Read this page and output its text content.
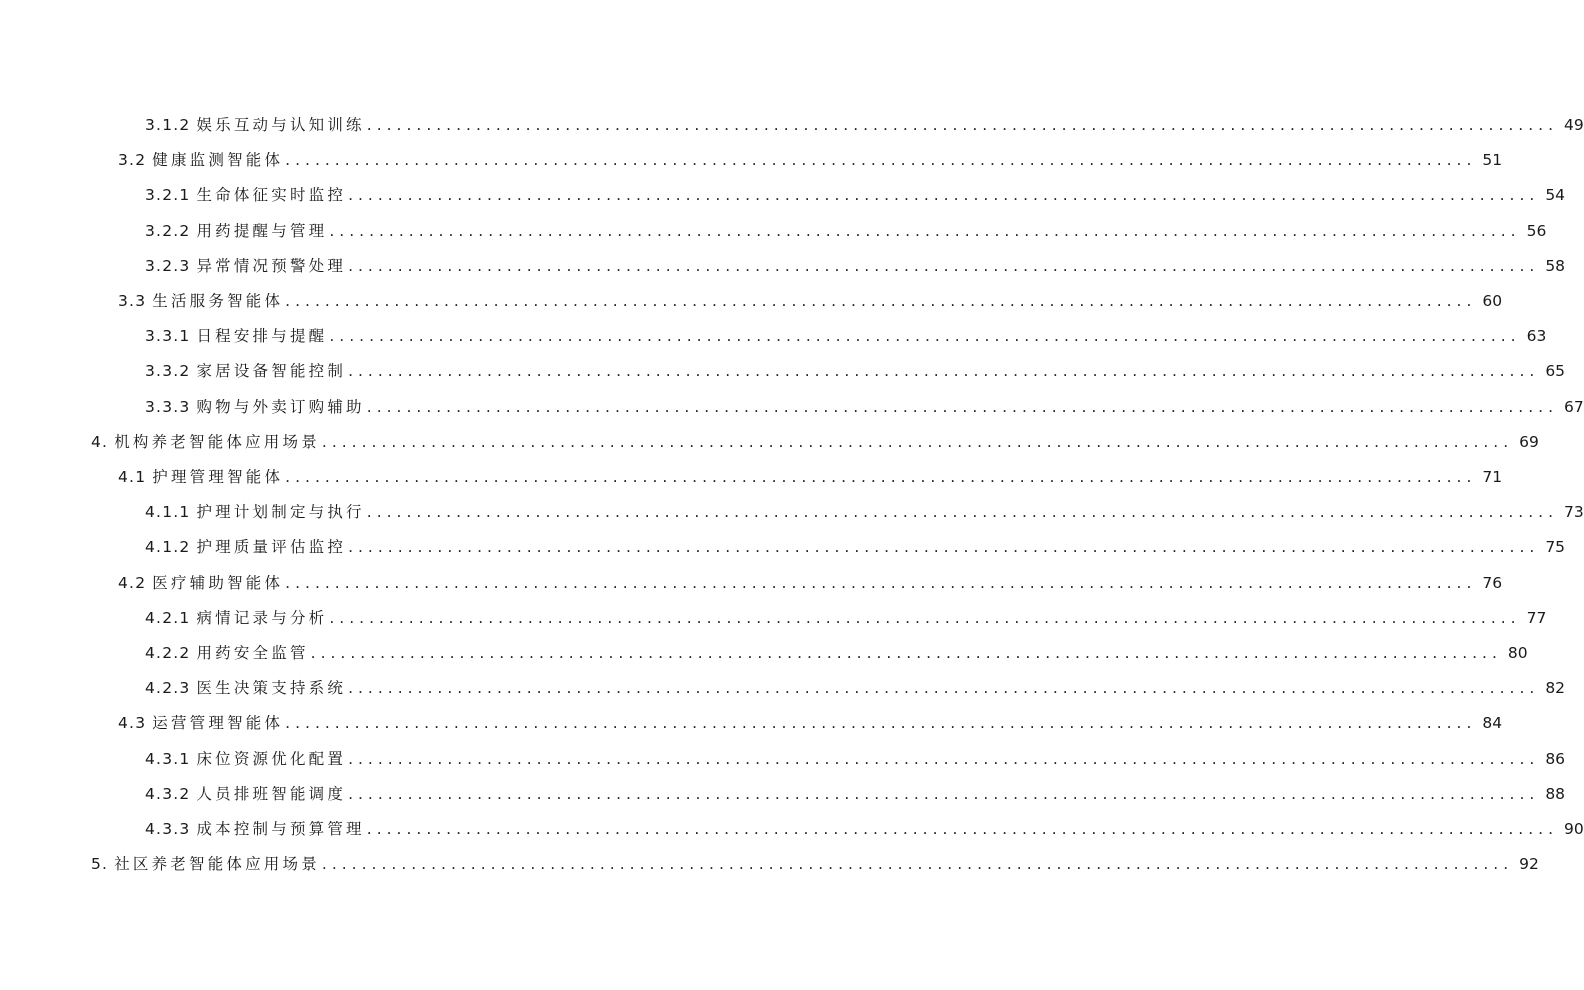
3.1.2 娱乐互动与认知训练 ........................................................................................................................ 49
3.2 健康监测智能体 ........................................................................................................................ 51
3.2.1 生命体征实时监控 ........................................................................................................................ 54
3.2.2 用药提醒与管理 ........................................................................................................................ 56
3.2.3 异常情况预警处理 ........................................................................................................................ 58
3.3 生活服务智能体 ........................................................................................................................ 60
3.3.1 日程安排与提醒 ........................................................................................................................ 63
3.3.2 家居设备智能控制 ........................................................................................................................ 65
3.3.3 购物与外卖订购辅助 ........................................................................................................................ 67
4. 机构养老智能体应用场景 ........................................................................................................................ 69
4.1 护理管理智能体 ........................................................................................................................ 71
4.1.1 护理计划制定与执行 ........................................................................................................................ 73
4.1.2 护理质量评估监控 ........................................................................................................................ 75
4.2 医疗辅助智能体 ........................................................................................................................ 76
4.2.1 病情记录与分析 ........................................................................................................................ 77
4.2.2 用药安全监管 ........................................................................................................................ 80
4.2.3 医生决策支持系统 ........................................................................................................................ 82
4.3 运营管理智能体 ........................................................................................................................ 84
4.3.1 床位资源优化配置 ........................................................................................................................ 86
4.3.2 人员排班智能调度 ........................................................................................................................ 88
4.3.3 成本控制与预算管理 ........................................................................................................................ 90
5. 社区养老智能体应用场景 ........................................................................................................................ 92
